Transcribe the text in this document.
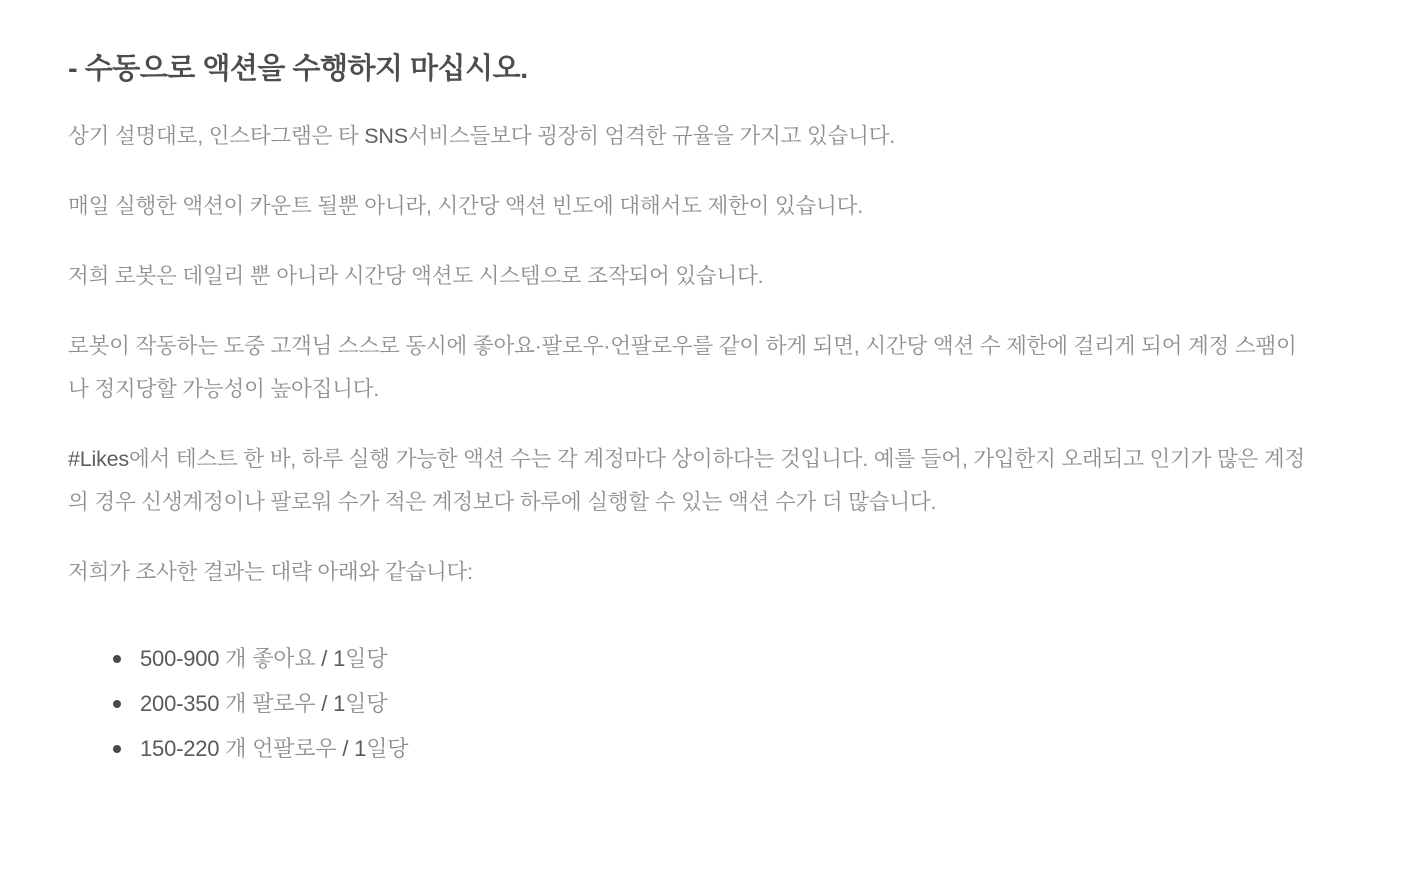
- 수동으로 액션을 수행하지 마십시오.

상기 설명대로, 인스타그램은 타 SNS서비스들보다 굉장히 엄격한 규율을 가지고 있습니다.

매일 실행한 액션이 카운트 될뿐 아니라, 시간당 액션 빈도에 대해서도 제한이 있습니다.

저희 로봇은 데일리 뿐 아니라 시간당 액션도 시스템으로 조작되어 있습니다.

로봇이 작동하는 도중 고객님 스스로 동시에 좋아요·팔로우·언팔로우를 같이 하게 되면, 시간당 액션 수 제한에 걸리게 되어 계정 스팸이나 정지당할 가능성이 높아집니다.

#Likes에서 테스트 한 바, 하루 실행 가능한 액션 수는 각 계정마다 상이하다는 것입니다. 예를 들어, 가입한지 오래되고 인기가 많은 계정의 경우 신생계정이나 팔로워 수가 적은 계정보다 하루에 실행할 수 있는 액션 수가 더 많습니다.

저희가 조사한 결과는 대략 아래와 같습니다:

500-900 개 좋아요 / 1일당
200-350 개 팔로우 / 1일당
150-220 개 언팔로우 / 1일당
